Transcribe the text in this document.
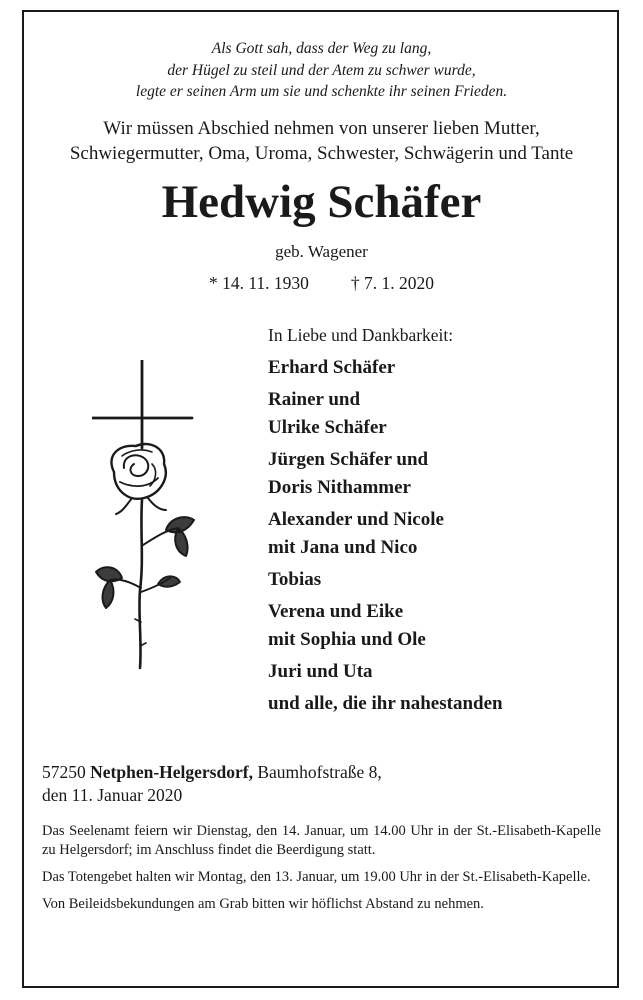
Als Gott sah, dass der Weg zu lang,
der Hügel zu steil und der Atem zu schwer wurde,
legte er seinen Arm um sie und schenkte ihr seinen Frieden.
Wir müssen Abschied nehmen von unserer lieben Mutter,
Schwiegermutter, Oma, Uroma, Schwester, Schwägerin und Tante
Hedwig Schäfer
geb. Wagener
* 14. 11. 1930 † 7. 1. 2020
In Liebe und Dankbarkeit:
Erhard Schäfer
Rainer und
Ulrike Schäfer
Jürgen Schäfer und
Doris Nithammer
Alexander und Nicole
mit Jana und Nico
Tobias
Verena und Eike
mit Sophia und Ole
Juri und Uta
und alle, die ihr nahestanden
57250 Netphen-Helgersdorf, Baumhofstraße 8,
den 11. Januar 2020

Das Seelenamt feiern wir Dienstag, den 14. Januar, um 14.00 Uhr in der St.-Elisabeth-Kapelle zu Helgersdorf; im Anschluss findet die Beerdigung statt.

Das Totengebet halten wir Montag, den 13. Januar, um 19.00 Uhr in der St.-Elisabeth-Kapelle.

Von Beileidsbekundungen am Grab bitten wir höflichst Abstand zu nehmen.
